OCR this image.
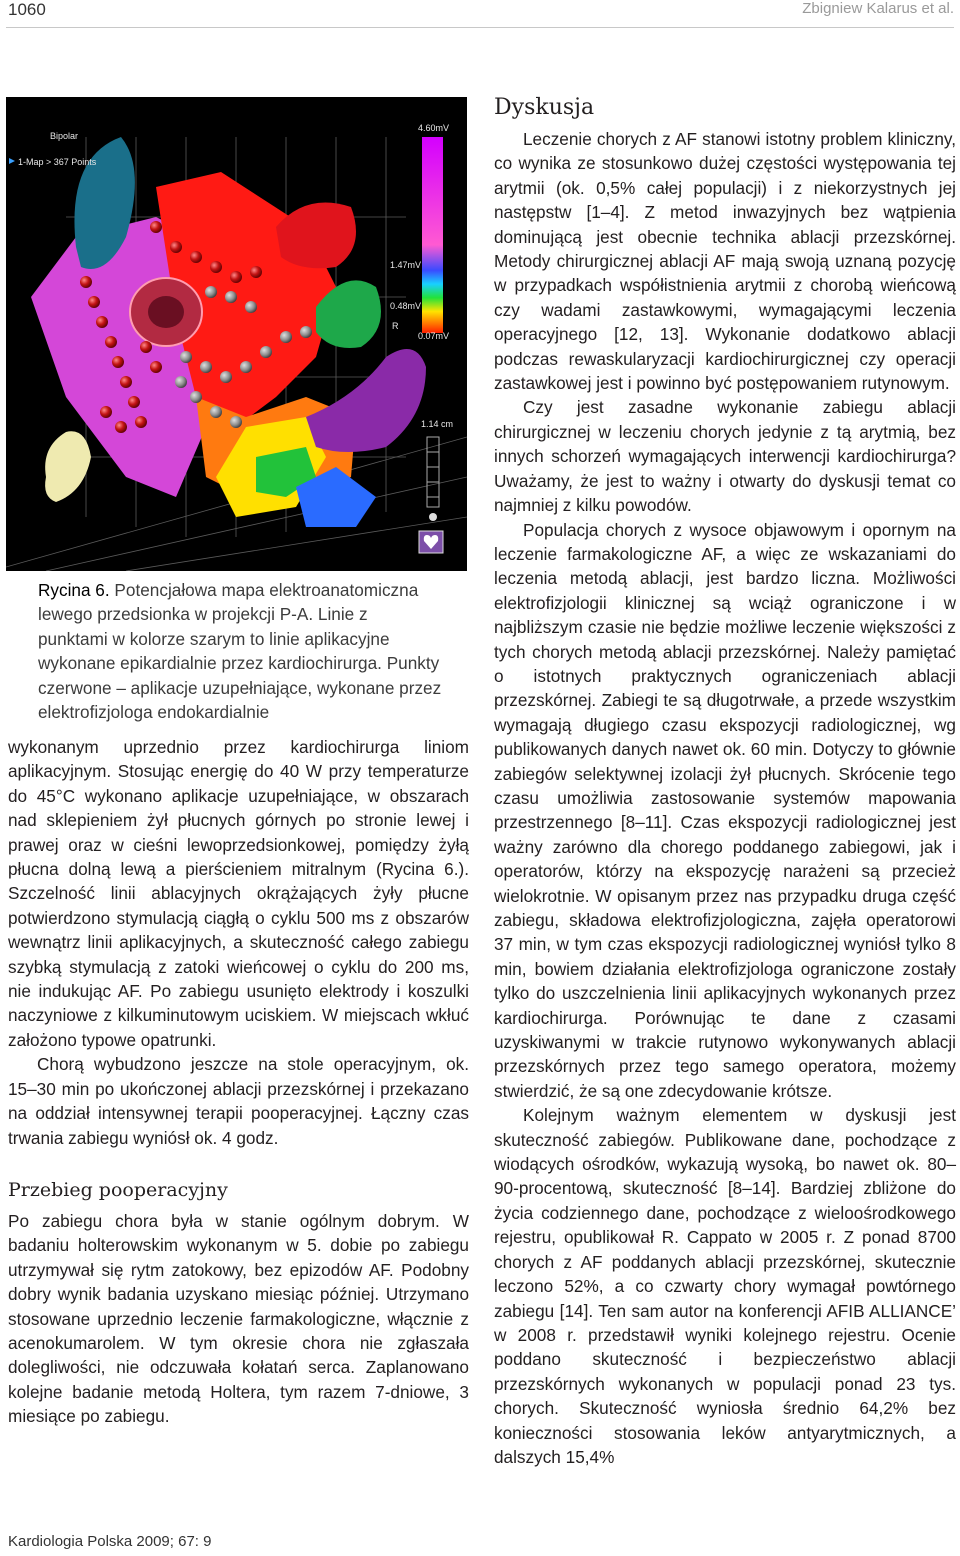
1060	Zbigniew Kalarus et al.
Bipolar
1-Map > 367 Points
4.60mV
1.47mV
0.48mV
0.07mV
R
1.14 cm
Rycina 6. Potencjałowa mapa elektroanatomiczna lewego przedsionka w projekcji P-A. Linie z punktami w kolorze szarym to linie aplikacyjne wykonane epikardialnie przez kardiochirurga. Punkty czerwone – aplikacje uzupełniające, wykonane przez elektrofizjologa endokardialnie

wykonanym uprzednio przez kardiochirurga liniom aplikacyjnym. Stosując energię do 40 W przy temperaturze do 45°C wykonano aplikacje uzupełniające, w obszarach nad sklepieniem żył płucnych górnych po stronie lewej i prawej oraz w cieśni lewoprzedsionkowej, pomiędzy żyłą płucna dolną lewą a pierścieniem mitralnym (Rycina 6.). Szczelność linii ablacyjnych okrążających żyły płucne potwierdzono stymulacją ciągłą o cyklu 500 ms z obszarów wewnątrz linii aplikacyjnych, a skuteczność całego zabiegu szybką stymulacją z zatoki wieńcowej o cyklu do 200 ms, nie indukując AF. Po zabiegu usunięto elektrody i koszulki naczyniowe z kilkuminutowym uciskiem. W miejscach wkłuć założono typowe opatrunki.

Chorą wybudzono jeszcze na stole operacyjnym, ok. 15–30 min po ukończonej ablacji przezskórnej i przekazano na oddział intensywnej terapii pooperacyjnej. Łączny czas trwania zabiegu wyniósł ok. 4 godz.

Przebieg pooperacyjny

Po zabiegu chora była w stanie ogólnym dobrym. W badaniu holterowskim wykonanym w 5. dobie po zabiegu utrzymywał się rytm zatokowy, bez epizodów AF. Podobny dobry wynik badania uzyskano miesiąc później. Utrzymano stosowane uprzednio leczenie farmakologiczne, włącznie z acenokumarolem. W tym okresie chora nie zgłaszała dolegliwości, nie odczuwała kołatań serca. Zaplanowano kolejne badanie metodą Holtera, tym razem 7-dniowe, 3 miesiące po zabiegu.

Dyskusja

Leczenie chorych z AF stanowi istotny problem kliniczny, co wynika ze stosunkowo dużej częstości występowania tej arytmii (ok. 0,5% całej populacji) i z niekorzystnych jej następstw [1–4]. Z metod inwazyjnych bez wątpienia dominującą jest obecnie technika ablacji przezskórnej. Metody chirurgicznej ablacji AF mają swoją uznaną pozycję w przypadkach współistnienia arytmii z chorobą wieńcową czy wadami zastawkowymi, wymagającymi leczenia operacyjnego [12, 13]. Wykonanie dodatkowo ablacji podczas rewaskularyzacji kardiochirurgicznej czy operacji zastawkowej jest i powinno być postępowaniem rutynowym.

Czy jest zasadne wykonanie zabiegu ablacji chirurgicznej w leczeniu chorych jedynie z tą arytmią, bez innych schorzeń wymagających interwencji kardiochirurga? Uważamy, że jest to ważny i otwarty do dyskusji temat co najmniej z kilku powodów.

Populacja chorych z wysoce objawowym i opornym na leczenie farmakologiczne AF, a więc ze wskazaniami do leczenia metodą ablacji, jest bardzo liczna. Możliwości elektrofizjologii klinicznej są wciąż ograniczone i w najbliższym czasie nie będzie możliwe leczenie większości z tych chorych metodą ablacji przezskórnej. Należy pamiętać o istotnych praktycznych ograniczeniach ablacji przezskórnej. Zabiegi te są długotrwałe, a przede wszystkim wymagają długiego czasu ekspozycji radiologicznej, wg publikowanych danych nawet ok. 60 min. Dotyczy to głównie zabiegów selektywnej izolacji żył płucnych. Skrócenie tego czasu umożliwia zastosowanie systemów mapowania przestrzennego [8–11]. Czas ekspozycji radiologicznej jest ważny zarówno dla chorego poddanego zabiegowi, jak i operatorów, którzy na ekspozycję narażeni są przecież wielokrotnie. W opisanym przez nas przypadku druga część zabiegu, składowa elektrofizjologiczna, zajęła operatorowi 37 min, w tym czas ekspozycji radiologicznej wyniósł tylko 8 min, bowiem działania elektrofizjologa ograniczone zostały tylko do uszczelnienia linii aplikacyjnych wykonanych przez kardiochirurga. Porównując te dane z czasami uzyskiwanymi w trakcie rutynowo wykonywanych ablacji przezskórnych przez tego samego operatora, możemy stwierdzić, że są one zdecydowanie krótsze.

Kolejnym ważnym elementem w dyskusji jest skuteczność zabiegów. Publikowane dane, pochodzące z wiodących ośrodków, wykazują wysoką, bo nawet ok. 80–90-procentową, skuteczność [8–14]. Bardziej zbliżone do życia codziennego dane, pochodzące z wieloośrodkowego rejestru, opublikował R. Cappato w 2005 r. Z ponad 8700 chorych z AF poddanych ablacji przezskórnej, skutecznie leczono 52%, a co czwarty chory wymagał powtórnego zabiegu [14]. Ten sam autor na konferencji AFIB ALLIANCE’ w 2008 r. przedstawił wyniki kolejnego rejestru. Ocenie poddano skuteczność i bezpieczeństwo ablacji przezskórnych wykonanych w populacji ponad 23 tys. chorych. Skuteczność wyniosła średnio 64,2% bez konieczności stosowania leków antyarytmicznych, a dalszych 15,4%

Kardiologia Polska 2009; 67: 9
